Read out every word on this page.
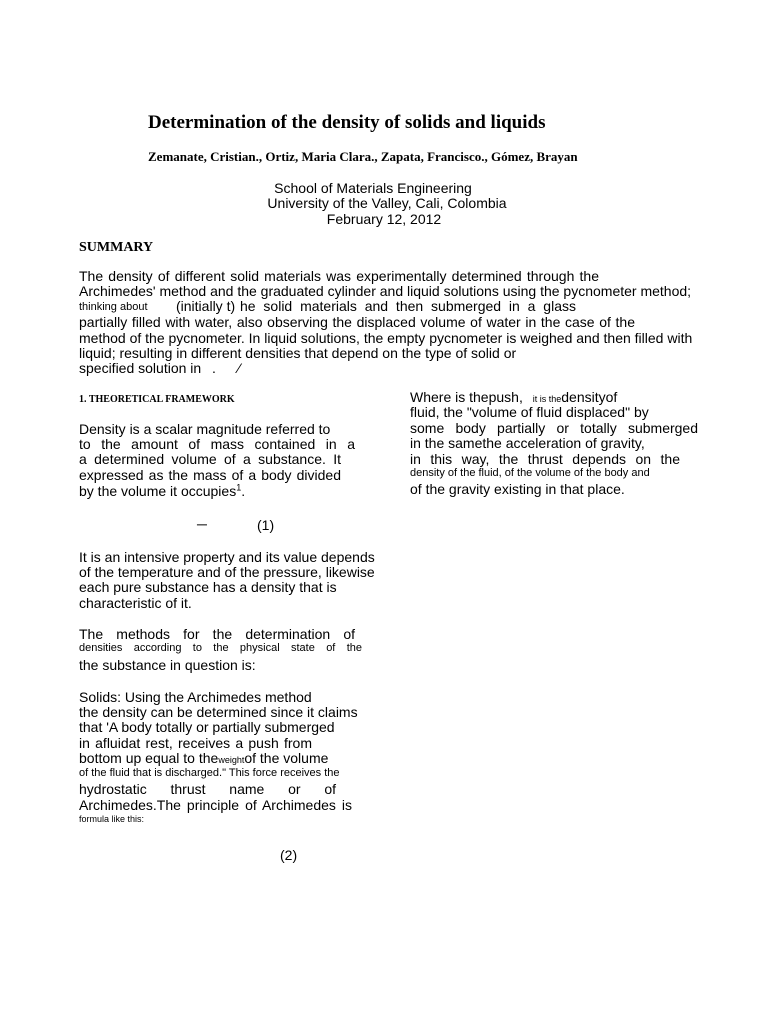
Determination of the density of solids and liquids
Zemanate, Cristian., Ortiz, Maria Clara., Zapata, Francisco., Gómez, Brayan
School of Materials Engineering
University of the Valley, Cali, Colombia
February 12, 2012
SUMMARY
The density of different solid materials was experimentally determined through the
Archimedes' method and the graduated cylinder and liquid solutions using the pycnometer method;
thinking about (initially t) he solid materials and then submerged in a glass
partially filled with water, also observing the displaced volume of water in the case of the
method of the pycnometer. In liquid solutions, the empty pycnometer is weighed and then filled with
liquid; resulting in different densities that depend on the type of solid or
specified solution in . ⁄
1. THEORETICAL FRAMEWORK
Density is a scalar magnitude referred to
to the amount of mass contained in a
a determined volume of a substance. It
expressed as the mass of a body divided
by the volume it occupies$^1$.
─	(1)
It is an intensive property and its value depends
of the temperature and of the pressure, likewise
each pure substance has a density that is
characteristic of it.
The methods for the determination of
densities according to the physical state of the
the substance in question is:
Solids: Using the Archimedes method
the density can be determined since it claims
that 'A body totally or partially submerged
in afluidat rest, receives a push from
bottom up equal to theweightof the volume
of the fluid that is discharged." This force receives the
hydrostatic thrust name or of
Archimedes.The principle of Archimedes is
formula like this:
(2)
Where is thepush, it is thedensityof
fluid, the "volume of fluid displaced" by
some body partially or totally submerged
in the samethe acceleration of gravity,
in this way, the thrust depends on the
density of the fluid, of the volume of the body and
of the gravity existing in that place.
